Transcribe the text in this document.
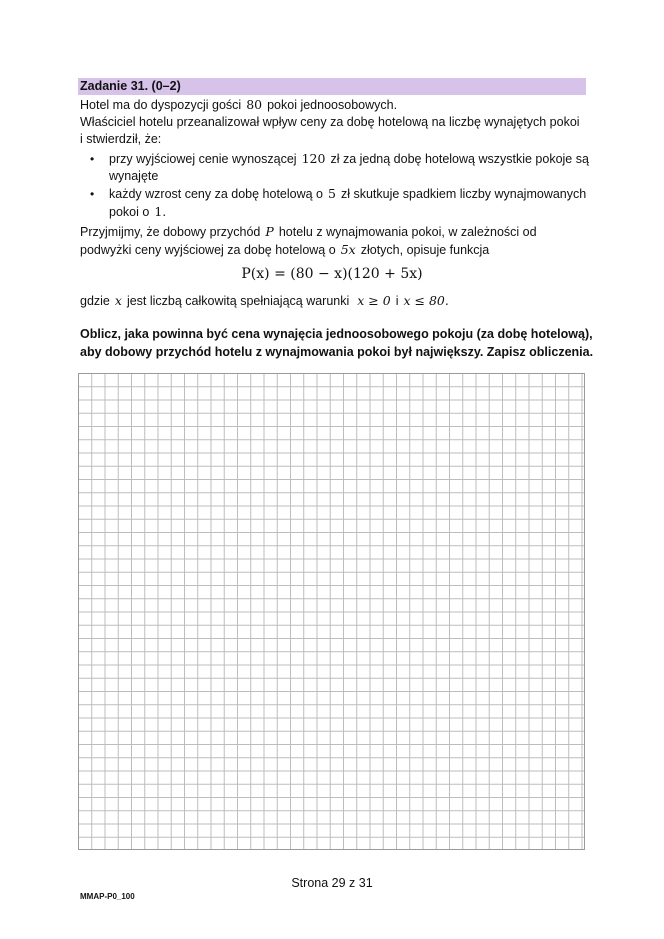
Zadanie 31. (0–2)
Hotel ma do dyspozycji gości 80 pokoi jednoosobowych.
Właściciel hotelu przeanalizował wpływ ceny za dobę hotelową na liczbę wynajętych pokoi
i stwierdził, że:
• przy wyjściowej cenie wynoszącej 120 zł za jedną dobę hotelową wszystkie pokoje są
wynajęte
• każdy wzrost ceny za dobę hotelową o 5 zł skutkuje spadkiem liczby wynajmowanych
pokoi o 1.
Przyjmijmy, że dobowy przychód P hotelu z wynajmowania pokoi, w zależności od
podwyżki ceny wyjściowej za dobę hotelową o 5x złotych, opisuje funkcja
P(x) = (80 − x)(120 + 5x)
gdzie x jest liczbą całkowitą spełniającą warunki x ≥ 0 i x ≤ 80.
Oblicz, jaka powinna być cena wynajęcia jednoosobowego pokoju (za dobę hotelową),
aby dobowy przychód hotelu z wynajmowania pokoi był największy. Zapisz obliczenia.
Strona 29 z 31
MMAP-P0_100
